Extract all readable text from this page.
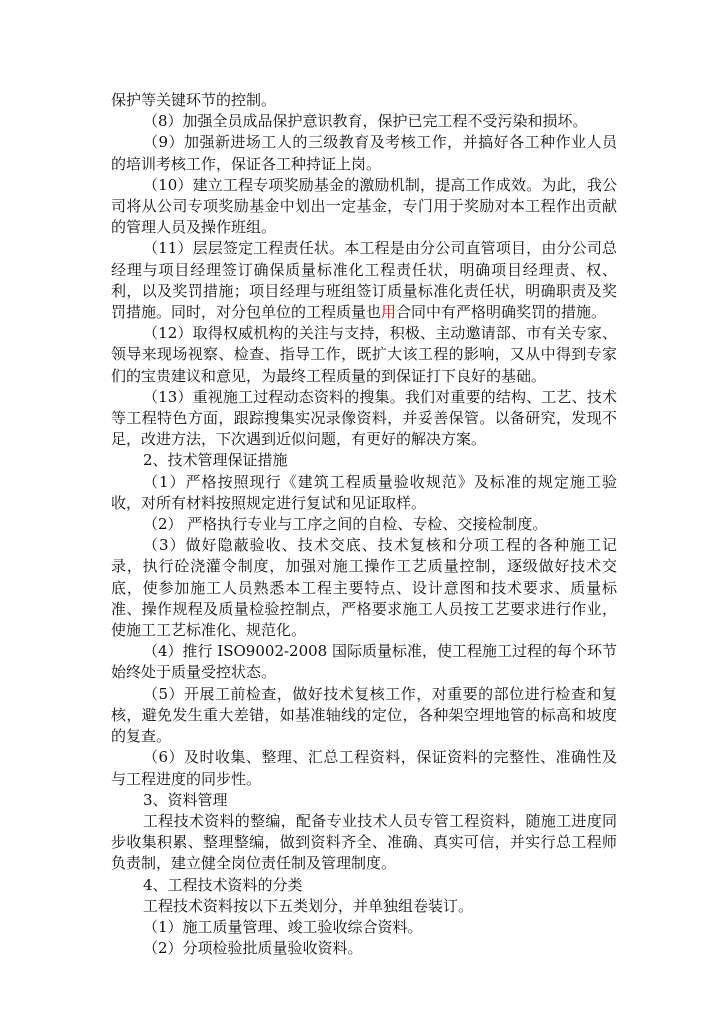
保护等关键环节的控制。

（8）加强全员成品保护意识教育，保护已完工程不受污染和损坏。

（9）加强新进场工人的三级教育及考核工作，并搞好各工种作业人员的培训考核工作，保证各工种持证上岗。

（10）建立工程专项奖励基金的激励机制，提高工作成效。为此，我公司将从公司专项奖励基金中划出一定基金，专门用于奖励对本工程作出贡献的管理人员及操作班组。

（11）层层签定工程责任状。本工程是由分公司直管项目，由分公司总经理与项目经理签订确保质量标准化工程责任状，明确项目经理责、权、利，以及奖罚措施；项目经理与班组签订质量标准化责任状，明确职责及奖罚措施。同时，对分包单位的工程质量也用合同中有严格明确奖罚的措施。

（12）取得权威机构的关注与支持，积极、主动邀请部、市有关专家、领导来现场视察、检查、指导工作，既扩大该工程的影响，又从中得到专家们的宝贵建议和意见，为最终工程质量的到保证打下良好的基础。

（13）重视施工过程动态资料的搜集。我们对重要的结构、工艺、技术等工程特色方面，跟踪搜集实况录像资料，并妥善保管。以备研究，发现不足，改进方法，下次遇到近似问题，有更好的解决方案。

2、技术管理保证措施

（1）严格按照现行《建筑工程质量验收规范》及标准的规定施工验收，对所有材料按照规定进行复试和见证取样。

（2） 严格执行专业与工序之间的自检、专检、交接检制度。

（3）做好隐蔽验收、技术交底、技术复核和分项工程的各种施工记录，执行砼浇灌令制度，加强对施工操作工艺质量控制，逐级做好技术交底，使参加施工人员熟悉本工程主要特点、设计意图和技术要求、质量标准、操作规程及质量检验控制点，严格要求施工人员按工艺要求进行作业，使施工工艺标准化、规范化。

（4）推行 ISO9002-2008 国际质量标准，使工程施工过程的每个环节始终处于质量受控状态。

（5）开展工前检查，做好技术复核工作，对重要的部位进行检查和复核，避免发生重大差错，如基准轴线的定位，各种架空埋地管的标高和坡度的复查。

（6）及时收集、整理、汇总工程资料，保证资料的完整性、准确性及与工程进度的同步性。

3、资料管理

工程技术资料的整编，配备专业技术人员专管工程资料，随施工进度同步收集积累、整理整编，做到资料齐全、准确、真实可信，并实行总工程师负责制，建立健全岗位责任制及管理制度。

4、工程技术资料的分类

工程技术资料按以下五类划分，并单独组卷装订。

（1）施工质量管理、竣工验收综合资料。

（2）分项检验批质量验收资料。
